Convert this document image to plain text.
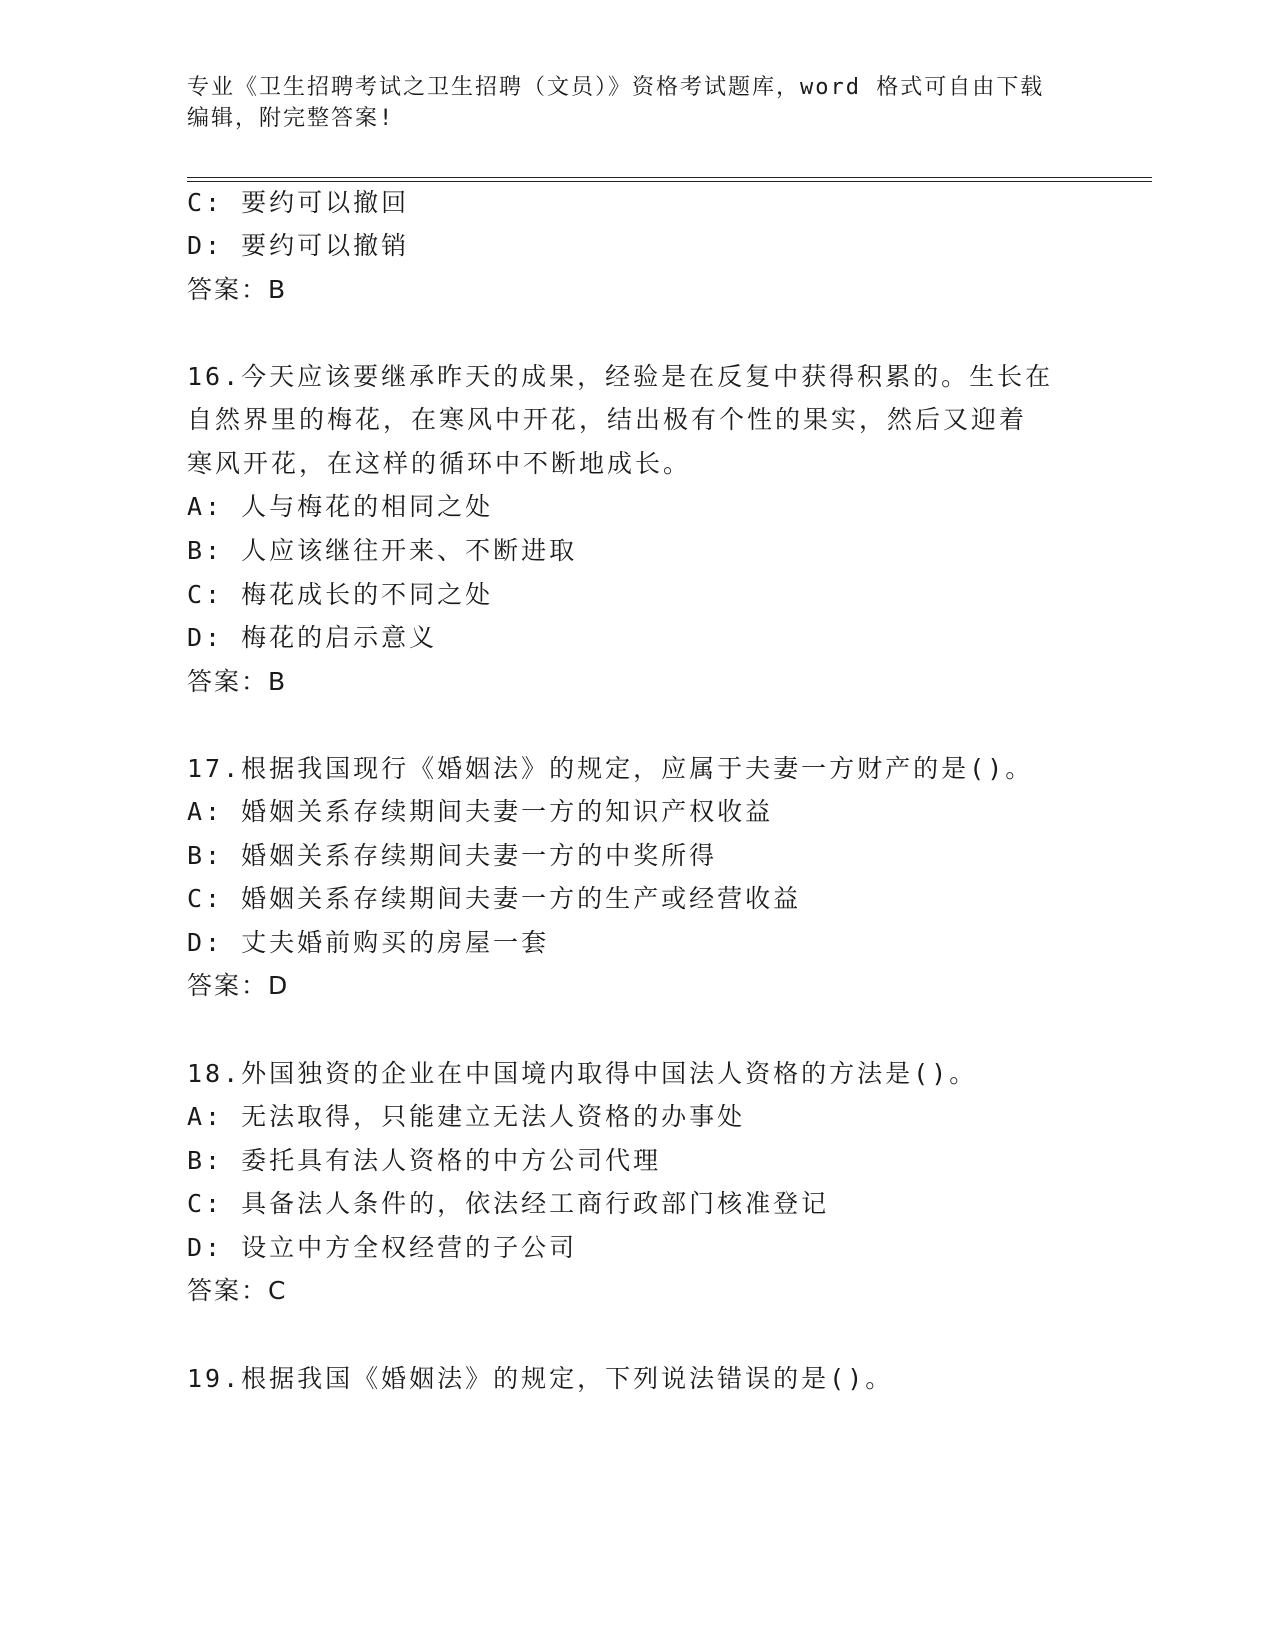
专业《卫生招聘考试之卫生招聘（文员）》资格考试题库，word 格式可自由下载
编辑，附完整答案!
C: 要约可以撤回
D: 要约可以撤销
答案：B
16.今天应该要继承昨天的成果，经验是在反复中获得积累的。生长在
自然界里的梅花，在寒风中开花，结出极有个性的果实，然后又迎着
寒风开花，在这样的循环中不断地成长。
A: 人与梅花的相同之处
B: 人应该继往开来、不断进取
C: 梅花成长的不同之处
D: 梅花的启示意义
答案：B
17.根据我国现行《婚姻法》的规定，应属于夫妻一方财产的是()。
A: 婚姻关系存续期间夫妻一方的知识产权收益
B: 婚姻关系存续期间夫妻一方的中奖所得
C: 婚姻关系存续期间夫妻一方的生产或经营收益
D: 丈夫婚前购买的房屋一套
答案：D
18.外国独资的企业在中国境内取得中国法人资格的方法是()。
A: 无法取得，只能建立无法人资格的办事处
B: 委托具有法人资格的中方公司代理
C: 具备法人条件的，依法经工商行政部门核准登记
D: 设立中方全权经营的子公司
答案：C
19.根据我国《婚姻法》的规定，下列说法错误的是()。
